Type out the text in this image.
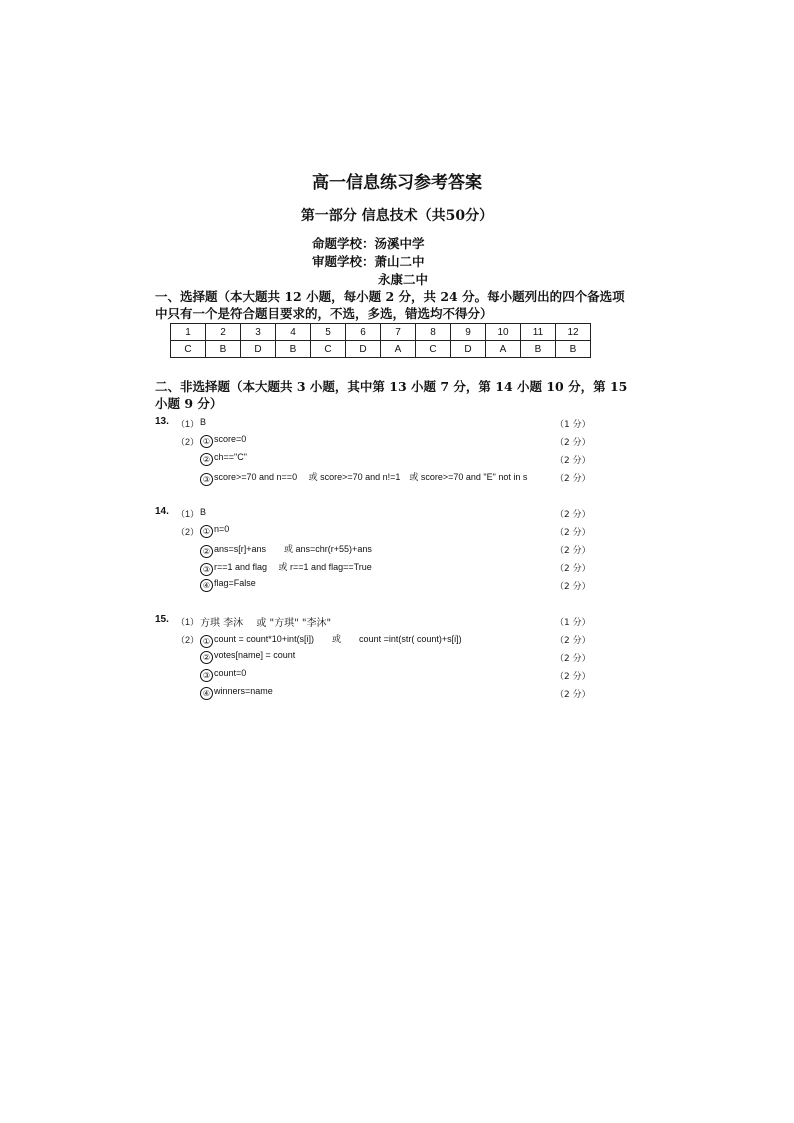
高一信息练习参考答案
第一部分 信息技术（共50分）
命题学校：汤溪中学
审题学校：萧山二中
永康二中
一、选择题（本大题共 12 小题，每小题 2 分，共 24 分。每小题列出的四个备选项
中只有一个是符合题目要求的，不选，多选，错选均不得分）
1	2	3	4	5	6	7	8	9	10	11	12
C	B	D	B	C	D	A	C	D	A	B	B
二、非选择题（本大题共 3 小题，其中第 13 小题 7 分，第 14 小题 10 分，第 15
小题 9 分）
13. （1） B	（1 分）
（2） ① score=0	（2 分）
② ch=="C"	（2 分）
③ score>=70 and n==0　 或 score>=70 and n!=1　或 score>=70 and "E" not in s	（2 分）
14. （1） B	（2 分）
（2） ① n=0	（2 分）
② ans=s[r]+ans　　或 ans=chr(r+55)+ans	（2 分）
③ r==1 and flag　 或 r==1 and flag==True	（2 分）
④ flag=False	（2 分）
15. （1） 方琪 李沐　 或 "方琪" "李沐"	（1 分）
（2） ① count = count*10+int(s[i])　　或　　count =int(str( count)+s[i])	（2 分）
② votes[name] = count	（2 分）
③ count=0	（2 分）
④ winners=name	（2 分）
